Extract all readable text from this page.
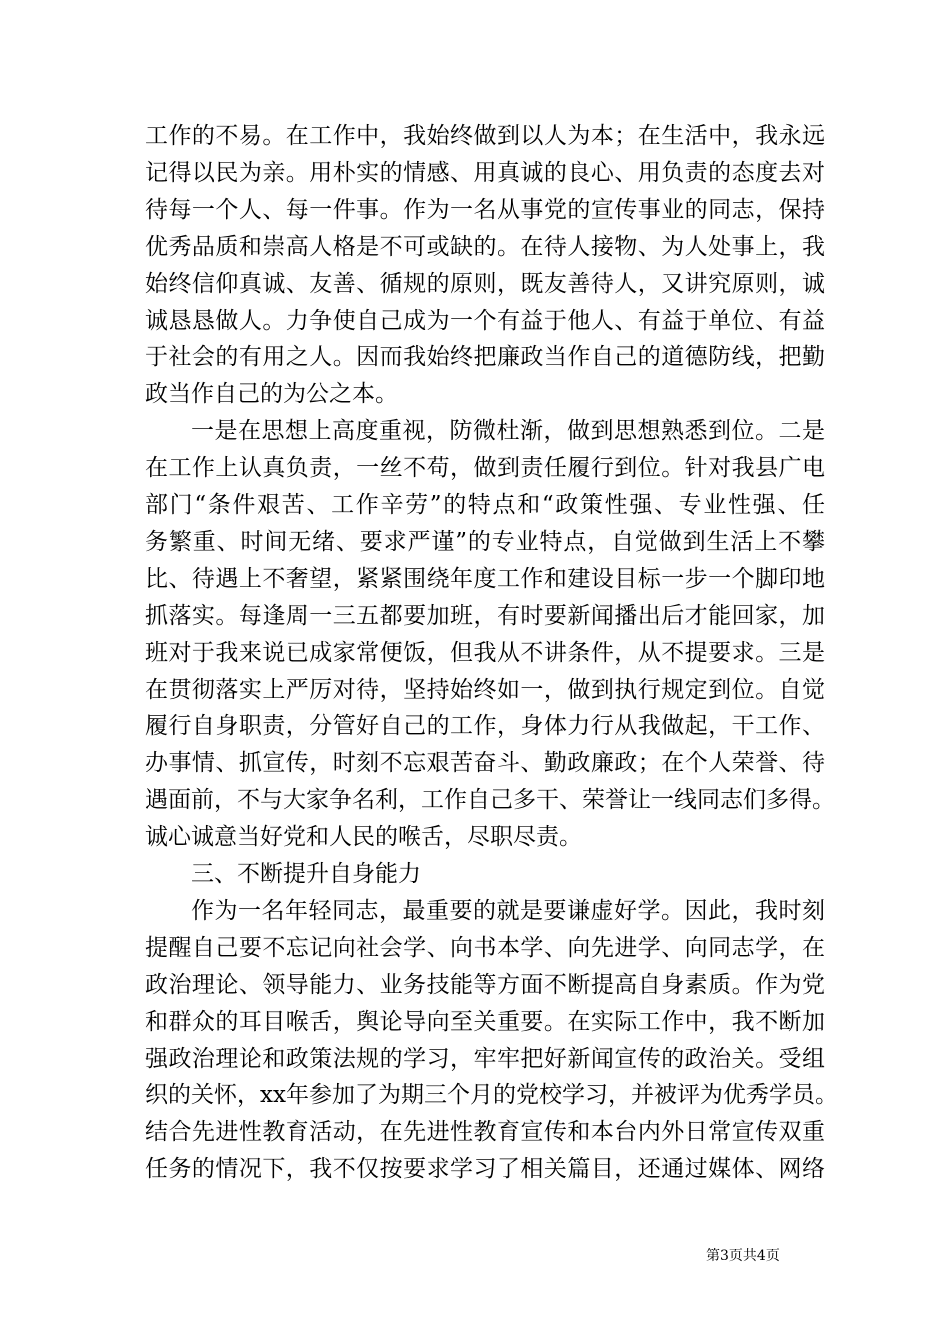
工作的不易。在工作中，我始终做到以人为本；在生活中，我永远
记得以民为亲。用朴实的情感、用真诚的良心、用负责的态度去对
待每一个人、每一件事。作为一名从事党的宣传事业的同志，保持
优秀品质和崇高人格是不可或缺的。在待人接物、为人处事上，我
始终信仰真诚、友善、循规的原则，既友善待人，又讲究原则，诚
诚恳恳做人。力争使自己成为一个有益于他人、有益于单位、有益
于社会的有用之人。因而我始终把廉政当作自己的道德防线，把勤
政当作自己的为公之本。
一是在思想上高度重视，防微杜渐，做到思想熟悉到位。二是
在工作上认真负责，一丝不苟，做到责任履行到位。针对我县广电
部门“条件艰苦、工作辛劳”的特点和“政策性强、专业性强、任
务繁重、时间无绪、要求严谨”的专业特点，自觉做到生活上不攀
比、待遇上不奢望，紧紧围绕年度工作和建设目标一步一个脚印地
抓落实。每逢周一三五都要加班，有时要新闻播出后才能回家，加
班对于我来说已成家常便饭，但我从不讲条件，从不提要求。三是
在贯彻落实上严厉对待，坚持始终如一，做到执行规定到位。自觉
履行自身职责，分管好自己的工作，身体力行从我做起，干工作、
办事情、抓宣传，时刻不忘艰苦奋斗、勤政廉政；在个人荣誉、待
遇面前，不与大家争名利，工作自己多干、荣誉让一线同志们多得。
诚心诚意当好党和人民的喉舌，尽职尽责。
三、不断提升自身能力
作为一名年轻同志，最重要的就是要谦虚好学。因此，我时刻
提醒自己要不忘记向社会学、向书本学、向先进学、向同志学，在
政治理论、领导能力、业务技能等方面不断提高自身素质。作为党
和群众的耳目喉舌，舆论导向至关重要。在实际工作中，我不断加
强政治理论和政策法规的学习，牢牢把好新闻宣传的政治关。受组
织的关怀，xx年参加了为期三个月的党校学习，并被评为优秀学员。
结合先进性教育活动，在先进性教育宣传和本台内外日常宣传双重
任务的情况下，我不仅按要求学习了相关篇目，还通过媒体、网络
第3页共4页
